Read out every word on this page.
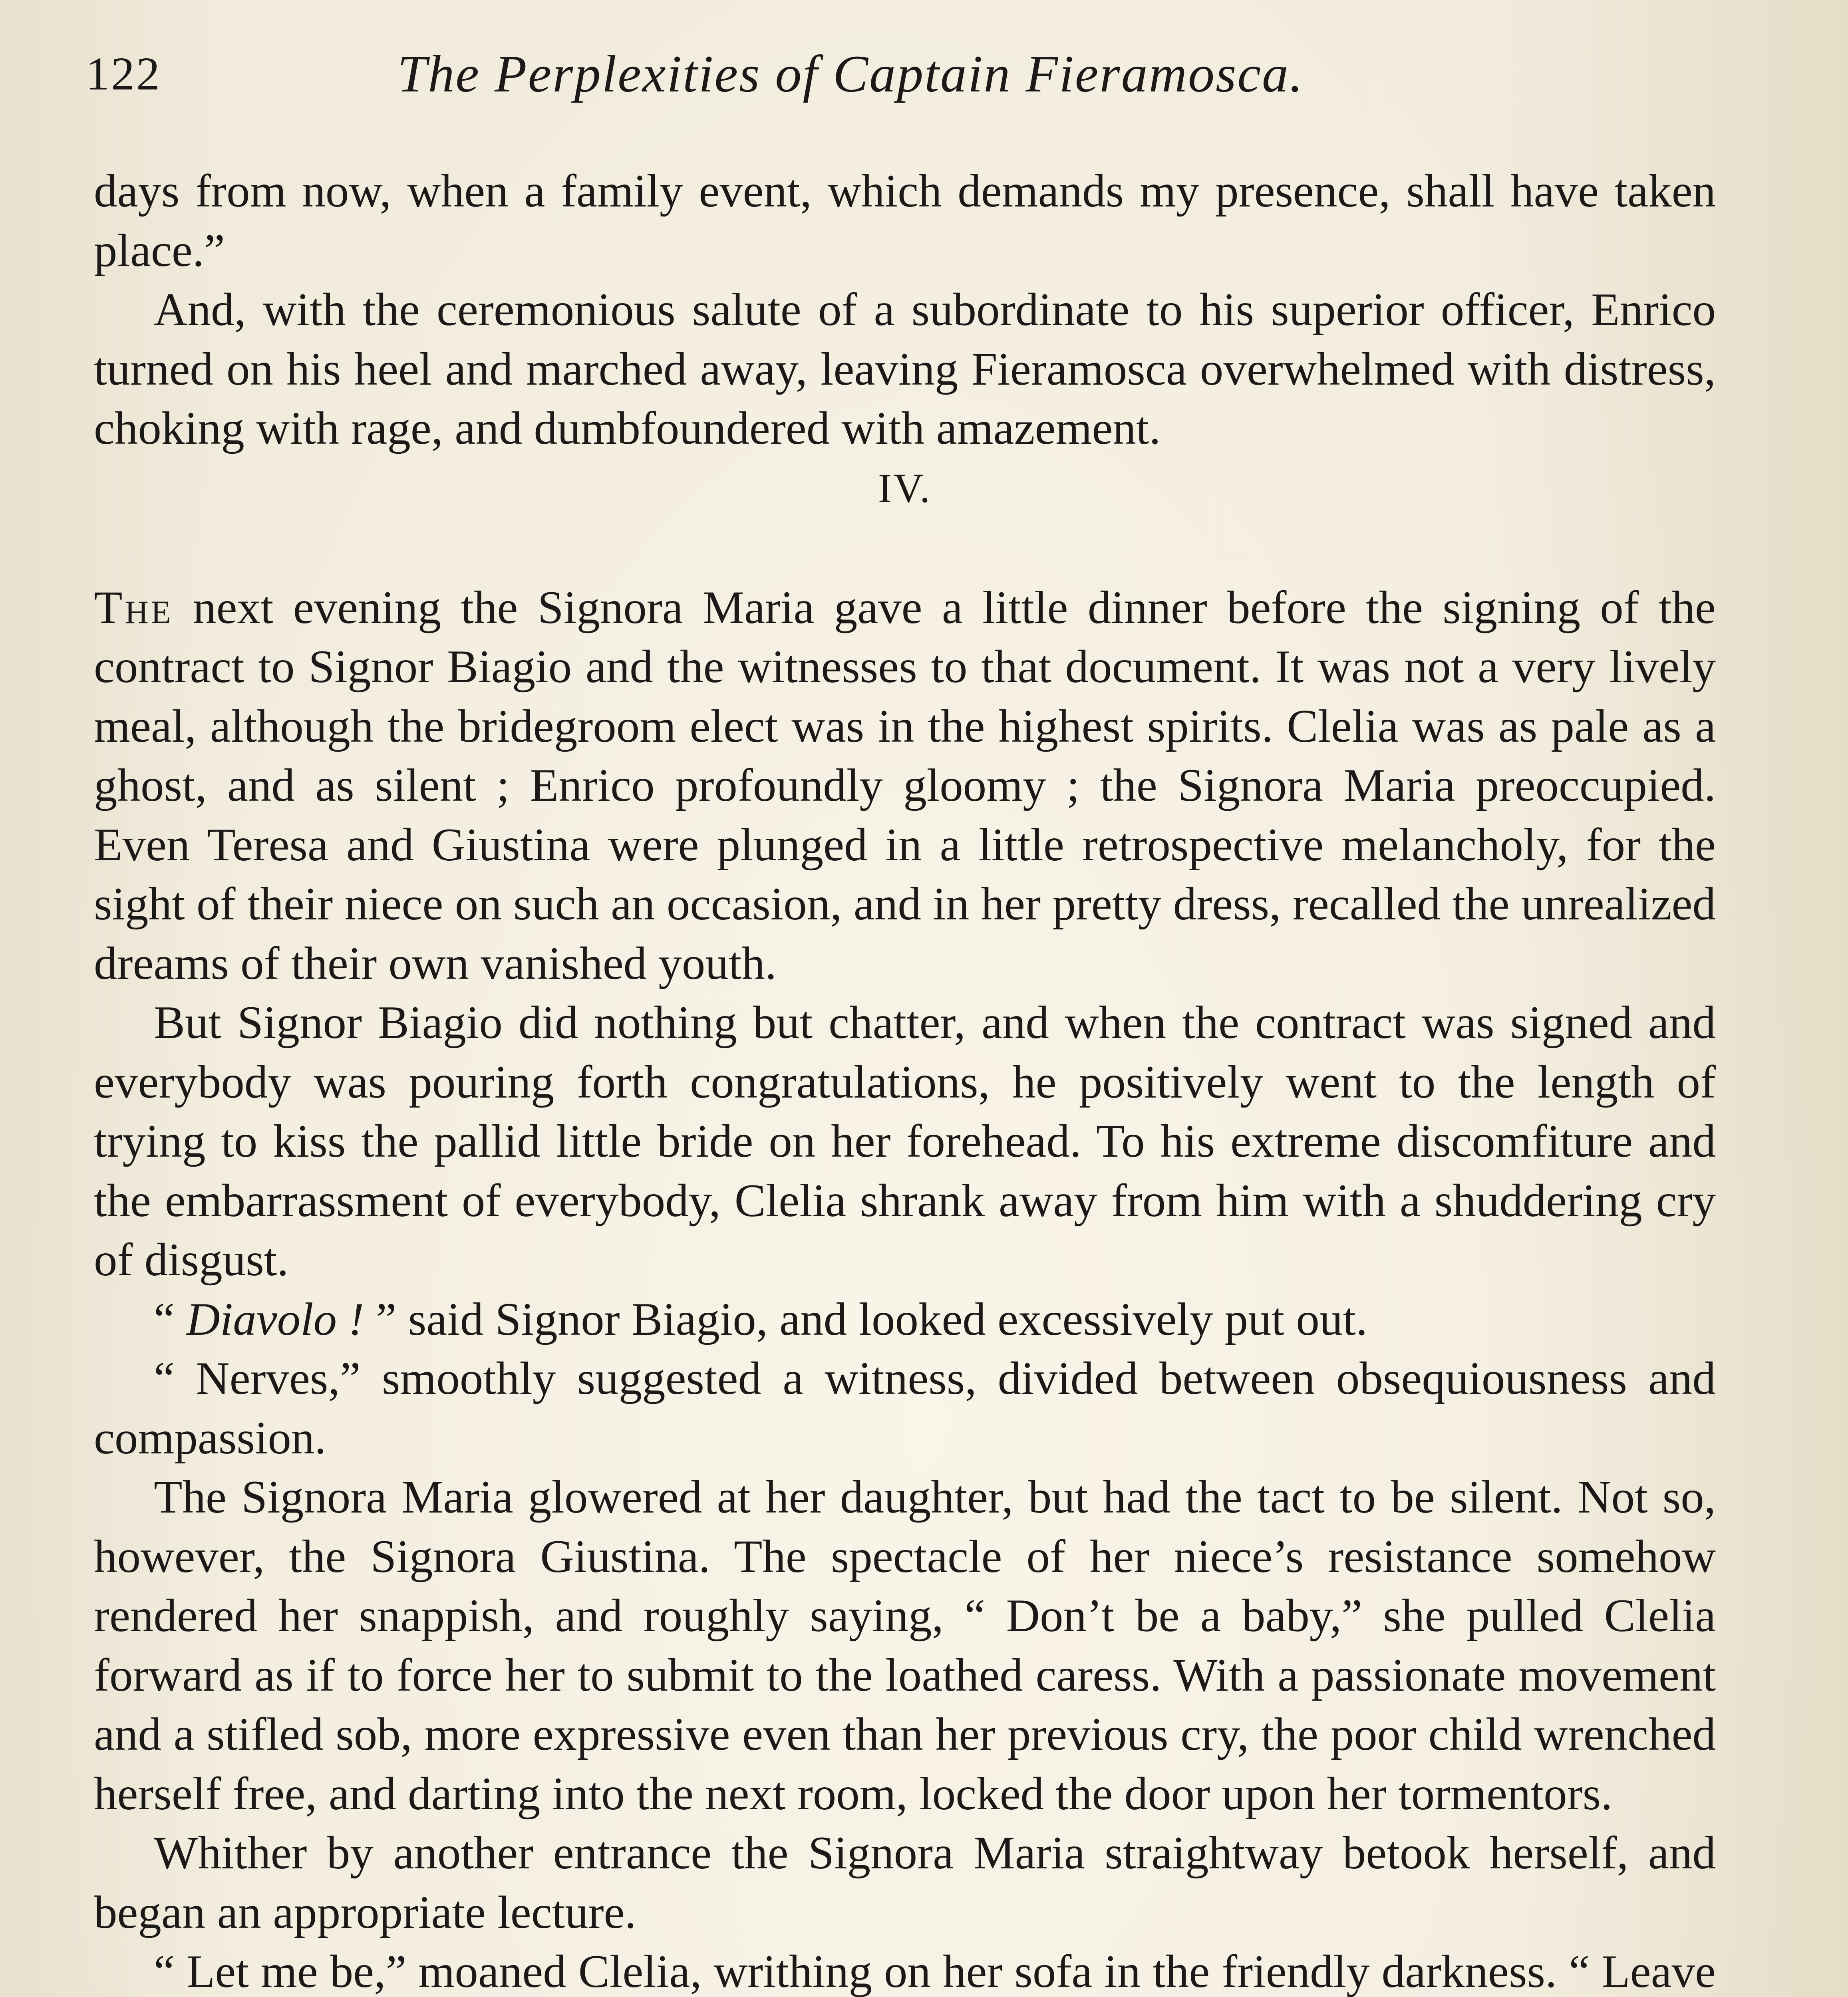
122	The Perplexities of Captain Fieramosca.

days from now, when a family event, which demands my presence, shall have taken place.”

And, with the ceremonious salute of a subordinate to his superior officer, Enrico turned on his heel and marched away, leaving Fieramosca overwhelmed with distress, choking with rage, and dumbfoundered with amazement.

IV.

The next evening the Signora Maria gave a little dinner before the signing of the contract to Signor Biagio and the witnesses to that document. It was not a very lively meal, although the bridegroom elect was in the highest spirits. Clelia was as pale as a ghost, and as silent ; Enrico profoundly gloomy ; the Signora Maria preoccupied. Even Teresa and Giustina were plunged in a little retrospective melancholy, for the sight of their niece on such an occasion, and in her pretty dress, recalled the unrealized dreams of their own vanished youth.

But Signor Biagio did nothing but chatter, and when the contract was signed and everybody was pouring forth congratulations, he positively went to the length of trying to kiss the pallid little bride on her forehead. To his extreme discomfiture and the embarrassment of everybody, Clelia shrank away from him with a shuddering cry of disgust.

“ Diavolo ! ” said Signor Biagio, and looked excessively put out.

“ Nerves,” smoothly suggested a witness, divided between obsequiousness and compassion.

The Signora Maria glowered at her daughter, but had the tact to be silent. Not so, however, the Signora Giustina. The spectacle of her niece’s resistance somehow rendered her snappish, and roughly saying, “ Don’t be a baby,” she pulled Clelia forward as if to force her to submit to the loathed caress. With a passionate movement and a stifled sob, more expressive even than her previous cry, the poor child wrenched herself free, and darting into the next room, locked the door upon her tormentors.

Whither by another entrance the Signora Maria straightway betook herself, and began an appropriate lecture.

“ Let me be,” moaned Clelia, writhing on her sofa in the friendly darkness. “ Leave
